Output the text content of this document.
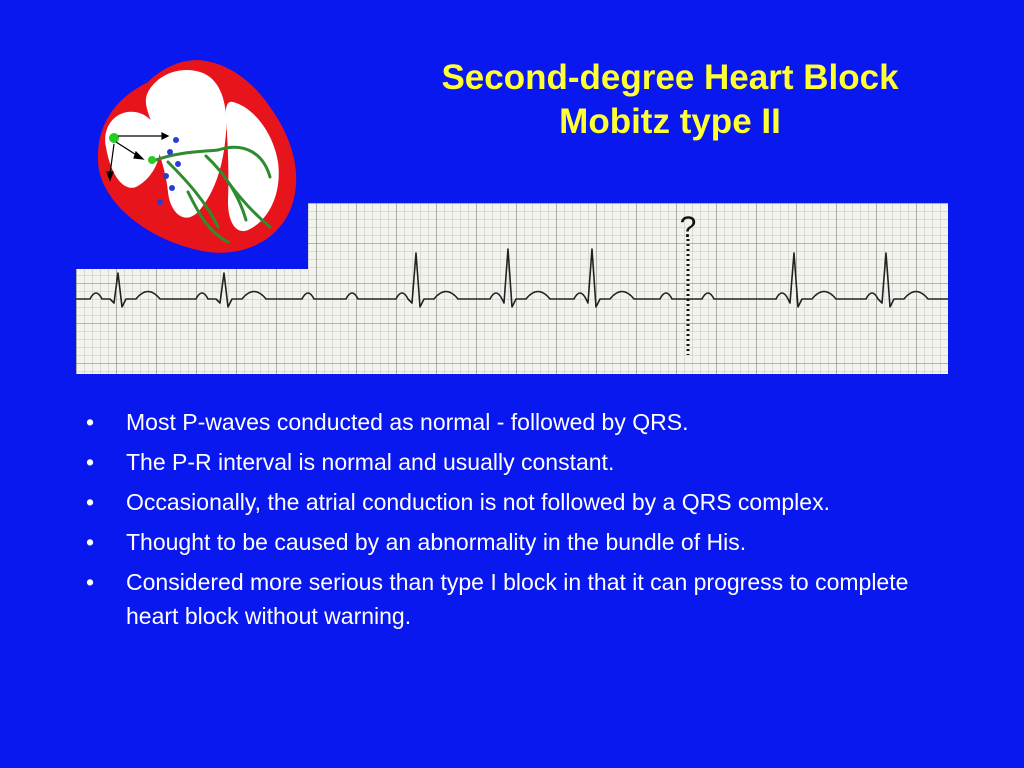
Second-degree Heart Block
Mobitz type II
?
•	Most P-waves conducted as normal - followed by QRS.
•	The P-R interval is normal and usually constant.
•	Occasionally, the atrial conduction is not followed by a QRS complex.
•	Thought to be caused by an abnormality in the bundle of His.
•	Considered more serious than type I block in that it can progress to complete heart block without warning.
